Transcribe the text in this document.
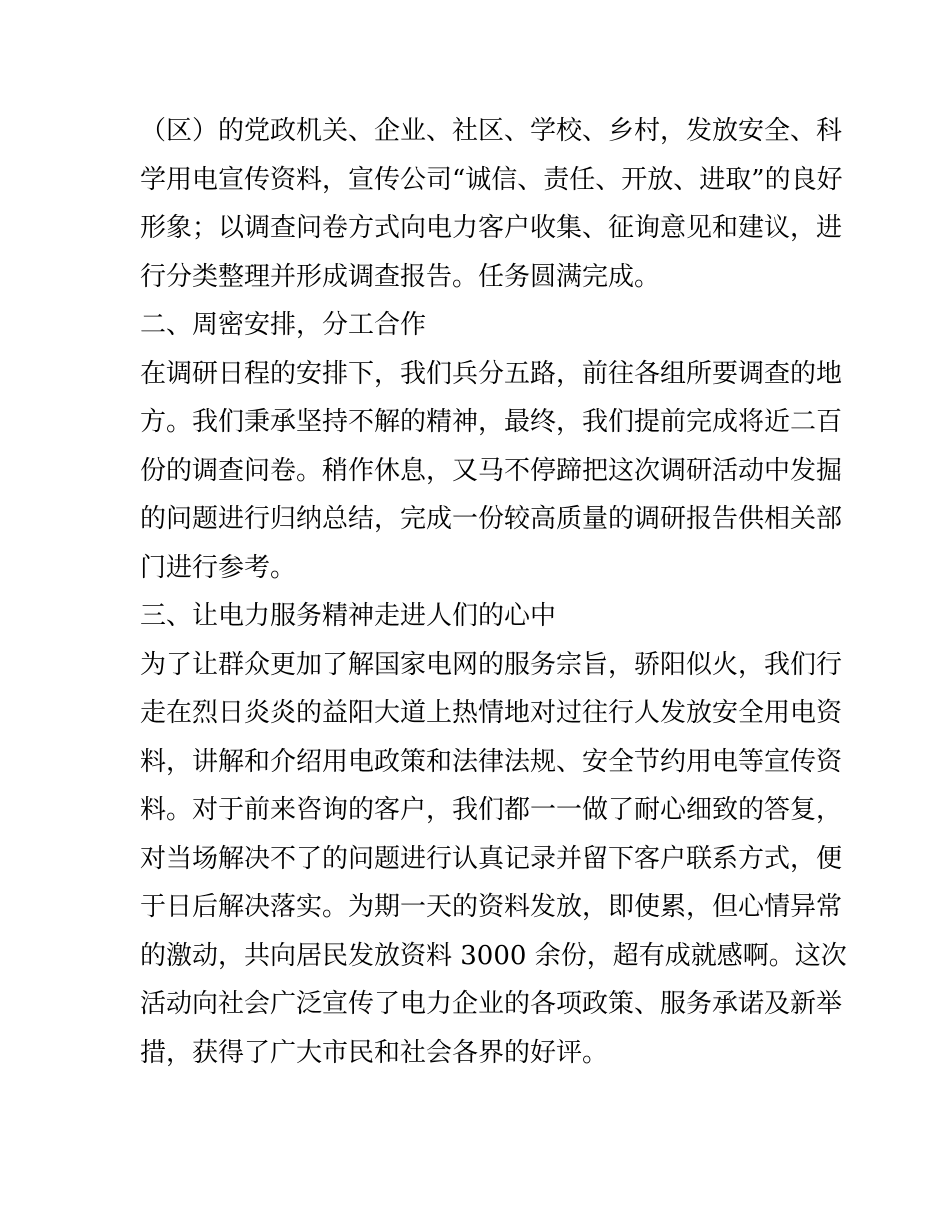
（区）的党政机关、企业、社区、学校、乡村，发放安全、科
学用电宣传资料，宣传公司“诚信、责任、开放、进取”的良好
形象；以调查问卷方式向电力客户收集、征询意见和建议，进
行分类整理并形成调查报告。任务圆满完成。
二、周密安排，分工合作
在调研日程的安排下，我们兵分五路，前往各组所要调查的地
方。我们秉承坚持不解的精神，最终，我们提前完成将近二百
份的调查问卷。稍作休息，又马不停蹄把这次调研活动中发掘
的问题进行归纳总结，完成一份较高质量的调研报告供相关部
门进行参考。
三、让电力服务精神走进人们的心中
为了让群众更加了解国家电网的服务宗旨，骄阳似火，我们行
走在烈日炎炎的益阳大道上热情地对过往行人发放安全用电资
料，讲解和介绍用电政策和法律法规、安全节约用电等宣传资
料。对于前来咨询的客户，我们都一一做了耐心细致的答复，
对当场解决不了的问题进行认真记录并留下客户联系方式，便
于日后解决落实。为期一天的资料发放，即使累，但心情异常
的激动，共向居民发放资料 3000 余份，超有成就感啊。这次
活动向社会广泛宣传了电力企业的各项政策、服务承诺及新举
措，获得了广大市民和社会各界的好评。
